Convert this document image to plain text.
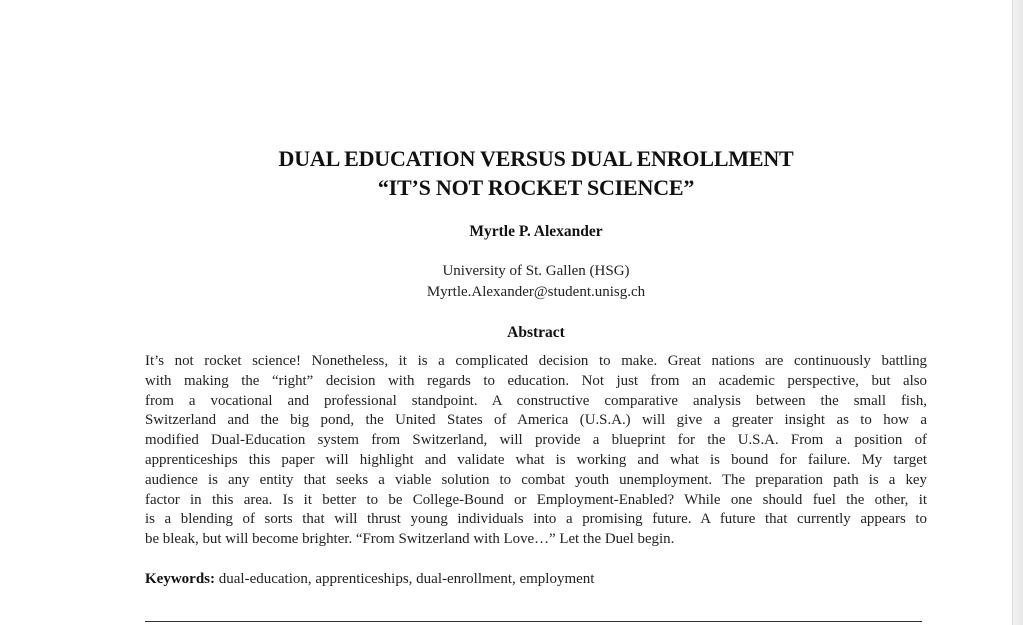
DUAL EDUCATION VERSUS DUAL ENROLLMENT
“IT’S NOT ROCKET SCIENCE”
Myrtle P. Alexander
University of St. Gallen (HSG)
Myrtle.Alexander@student.unisg.ch
Abstract
It’s not rocket science! Nonetheless, it is a complicated decision to make. Great nations are continuously battling
with making the “right” decision with regards to education. Not just from an academic perspective, but also
from a vocational and professional standpoint. A constructive comparative analysis between the small fish,
Switzerland and the big pond, the United States of America (U.S.A.) will give a greater insight as to how a
modified Dual-Education system from Switzerland, will provide a blueprint for the U.S.A. From a position of
apprenticeships this paper will highlight and validate what is working and what is bound for failure. My target
audience is any entity that seeks a viable solution to combat youth unemployment. The preparation path is a key
factor in this area. Is it better to be College-Bound or Employment-Enabled? While one should fuel the other, it
is a blending of sorts that will thrust young individuals into a promising future. A future that currently appears to
be bleak, but will become brighter. “From Switzerland with Love…” Let the Duel begin.
Keywords: dual-education, apprenticeships, dual-enrollment, employment
